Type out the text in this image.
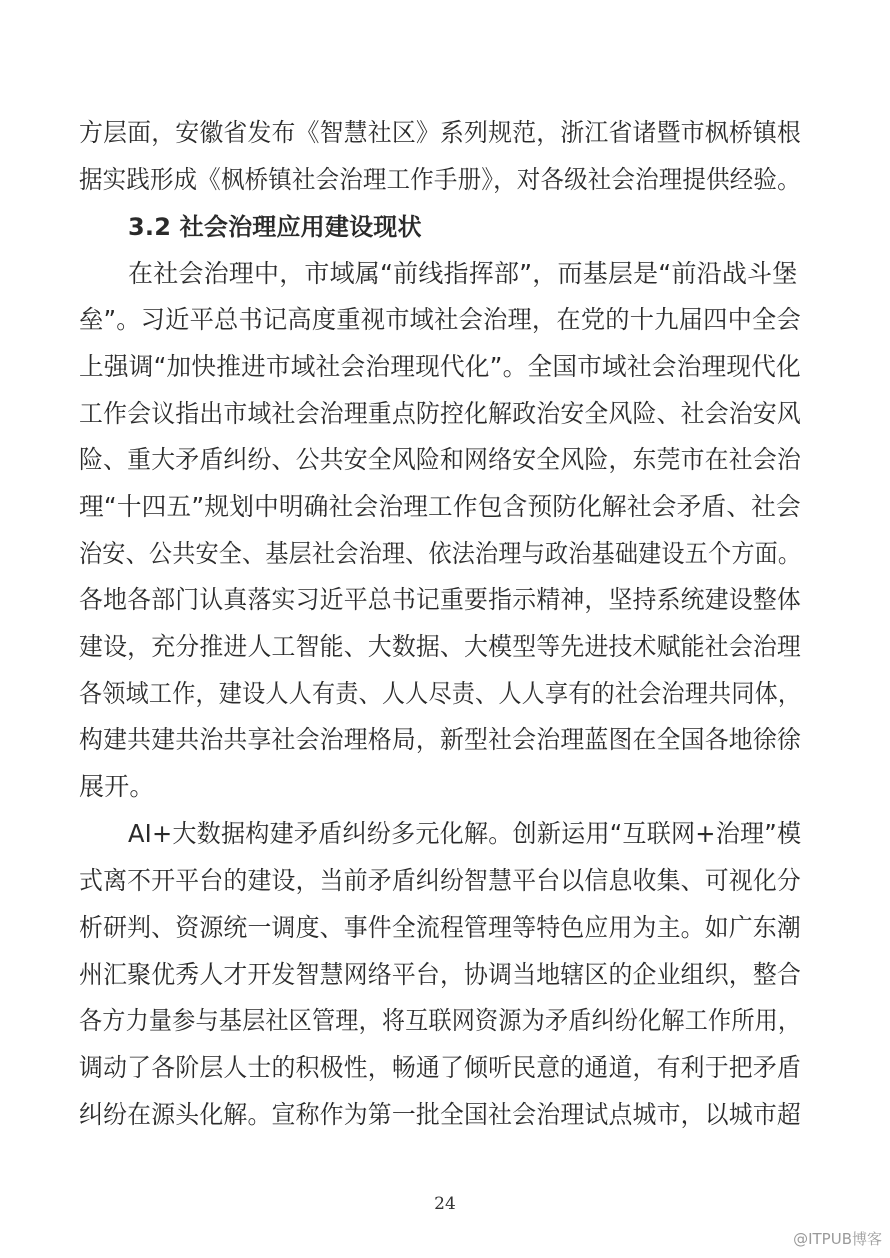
方层面，安徽省发布《智慧社区》系列规范，浙江省诸暨市枫桥镇根
据实践形成《枫桥镇社会治理工作手册》，对各级社会治理提供经验。
3.2 社会治理应用建设现状
在社会治理中，市域属“前线指挥部”，而基层是“前沿战斗堡
垒”。习近平总书记高度重视市域社会治理，在党的十九届四中全会
上强调“加快推进市域社会治理现代化”。全国市域社会治理现代化
工作会议指出市域社会治理重点防控化解政治安全风险、社会治安风
险、重大矛盾纠纷、公共安全风险和网络安全风险，东莞市在社会治
理“十四五”规划中明确社会治理工作包含预防化解社会矛盾、社会
治安、公共安全、基层社会治理、依法治理与政治基础建设五个方面。
各地各部门认真落实习近平总书记重要指示精神，坚持系统建设整体
建设，充分推进人工智能、大数据、大模型等先进技术赋能社会治理
各领域工作，建设人人有责、人人尽责、人人享有的社会治理共同体，
构建共建共治共享社会治理格局，新型社会治理蓝图在全国各地徐徐
展开。
AI+大数据构建矛盾纠纷多元化解。创新运用“互联网+治理”模
式离不开平台的建设，当前矛盾纠纷智慧平台以信息收集、可视化分
析研判、资源统一调度、事件全流程管理等特色应用为主。如广东潮
州汇聚优秀人才开发智慧网络平台，协调当地辖区的企业组织，整合
各方力量参与基层社区管理，将互联网资源为矛盾纠纷化解工作所用，
调动了各阶层人士的积极性，畅通了倾听民意的通道，有利于把矛盾
纠纷在源头化解。宣称作为第一批全国社会治理试点城市，以城市超
24
@ITPUB博客
